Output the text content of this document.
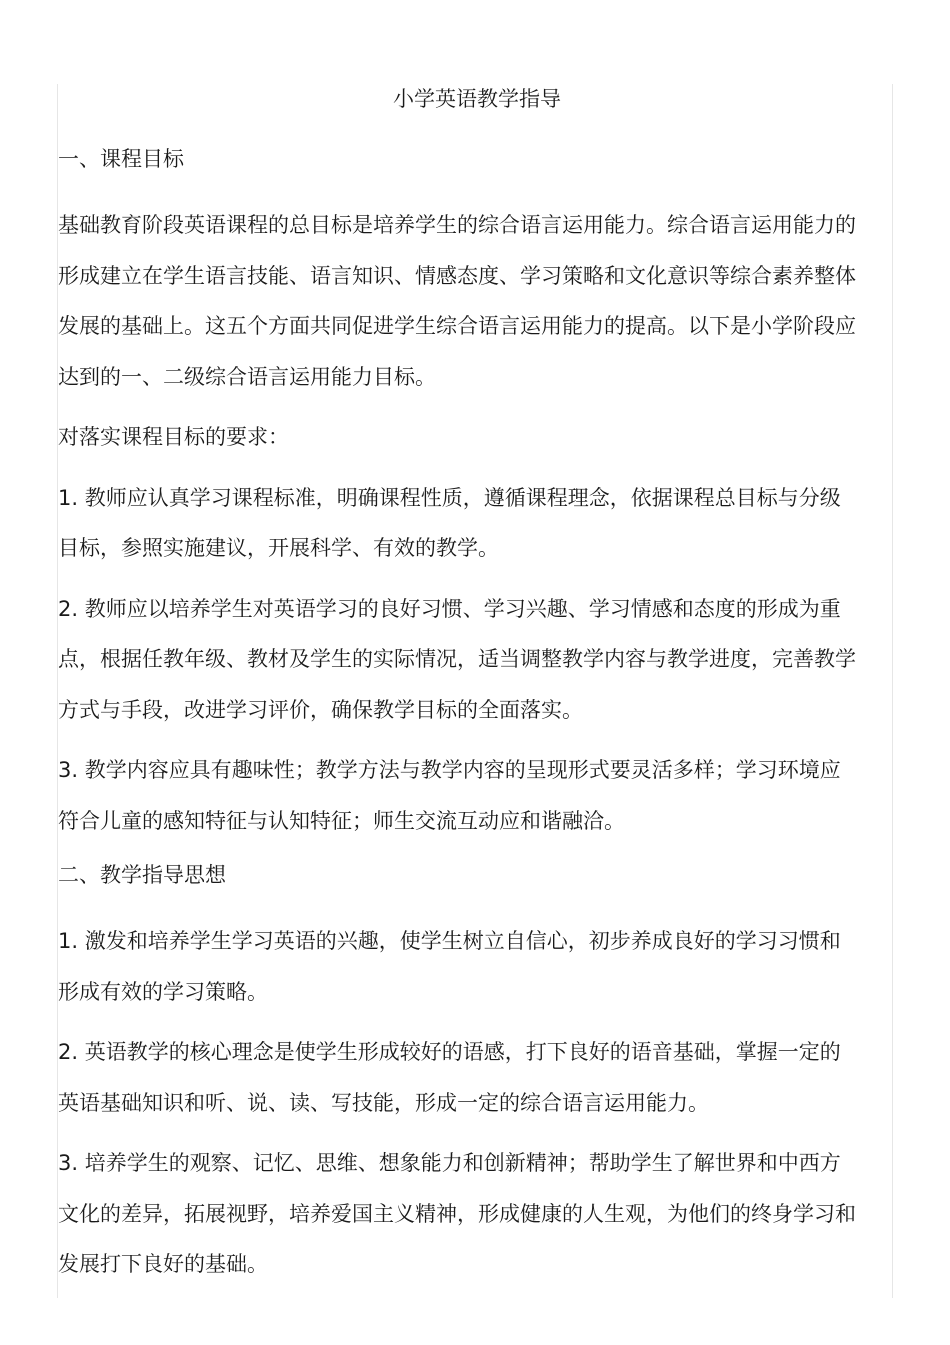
小学英语教学指导
一、课程目标

基础教育阶段英语课程的总目标是培养学生的综合语言运用能力。综合语言运用能力的形成建立在学生语言技能、语言知识、情感态度、学习策略和文化意识等综合素养整体发展的基础上。这五个方面共同促进学生综合语言运用能力的提高。以下是小学阶段应达到的一、二级综合语言运用能力目标。

对落实课程目标的要求：

1. 教师应认真学习课程标准，明确课程性质，遵循课程理念，依据课程总目标与分级目标，参照实施建议，开展科学、有效的教学。

2. 教师应以培养学生对英语学习的良好习惯、学习兴趣、学习情感和态度的形成为重点，根据任教年级、教材及学生的实际情况，适当调整教学内容与教学进度，完善教学方式与手段，改进学习评价，确保教学目标的全面落实。

3. 教学内容应具有趣味性；教学方法与教学内容的呈现形式要灵活多样；学习环境应符合儿童的感知特征与认知特征；师生交流互动应和谐融洽。

二、教学指导思想

1. 激发和培养学生学习英语的兴趣，使学生树立自信心，初步养成良好的学习习惯和形成有效的学习策略。

2. 英语教学的核心理念是使学生形成较好的语感，打下良好的语音基础，掌握一定的英语基础知识和听、说、读、写技能，形成一定的综合语言运用能力。

3. 培养学生的观察、记忆、思维、想象能力和创新精神；帮助学生了解世界和中西方文化的差异，拓展视野，培养爱国主义精神，形成健康的人生观，为他们的终身学习和发展打下良好的基础。
